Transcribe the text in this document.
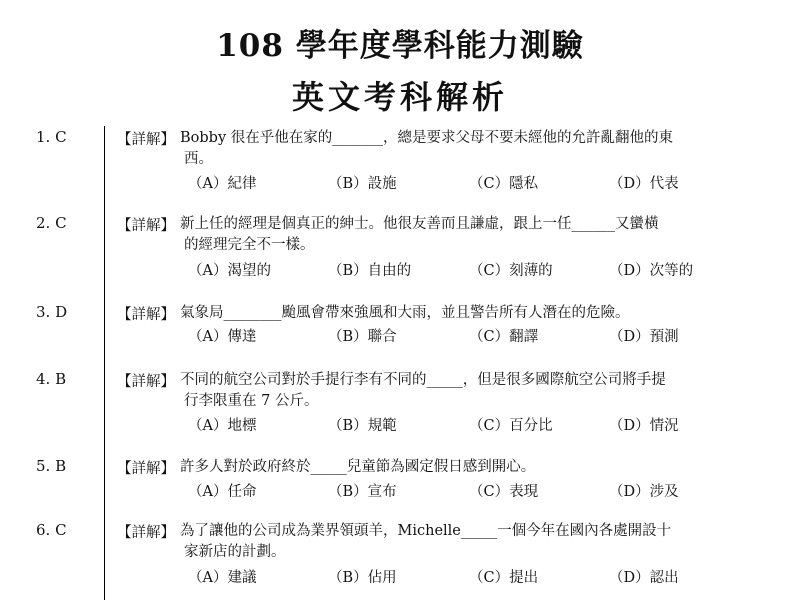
108 學年度學科能力測驗
英文考科解析
1. C	【詳解】 Bobby 很在乎他在家的_______，總是要求父母不要未經他的允許亂翻他的東
西。
（A）紀律	（B）設施	（C）隱私	（D）代表
2. C	【詳解】 新上任的經理是個真正的紳士。他很友善而且謙虛，跟上一任______又蠻橫
的經理完全不一樣。
（A）渴望的	（B）自由的	（C）刻薄的	（D）次等的
3. D	【詳解】 氣象局________颱風會帶來強風和大雨，並且警告所有人潛在的危險。
（A）傳達	（B）聯合	（C）翻譯	（D）預測
4. B	【詳解】 不同的航空公司對於手提行李有不同的_____，但是很多國際航空公司將手提
行李限重在 7 公斤。
（A）地標	（B）規範	（C）百分比	（D）情況
5. B	【詳解】 許多人對於政府終於_____兒童節為國定假日感到開心。
（A）任命	（B）宣布	（C）表現	（D）涉及
6. C	【詳解】 為了讓他的公司成為業界領頭羊，Michelle_____一個今年在國內各處開設十
家新店的計劃。
（A）建議	（B）佔用	（C）提出	（D）認出
